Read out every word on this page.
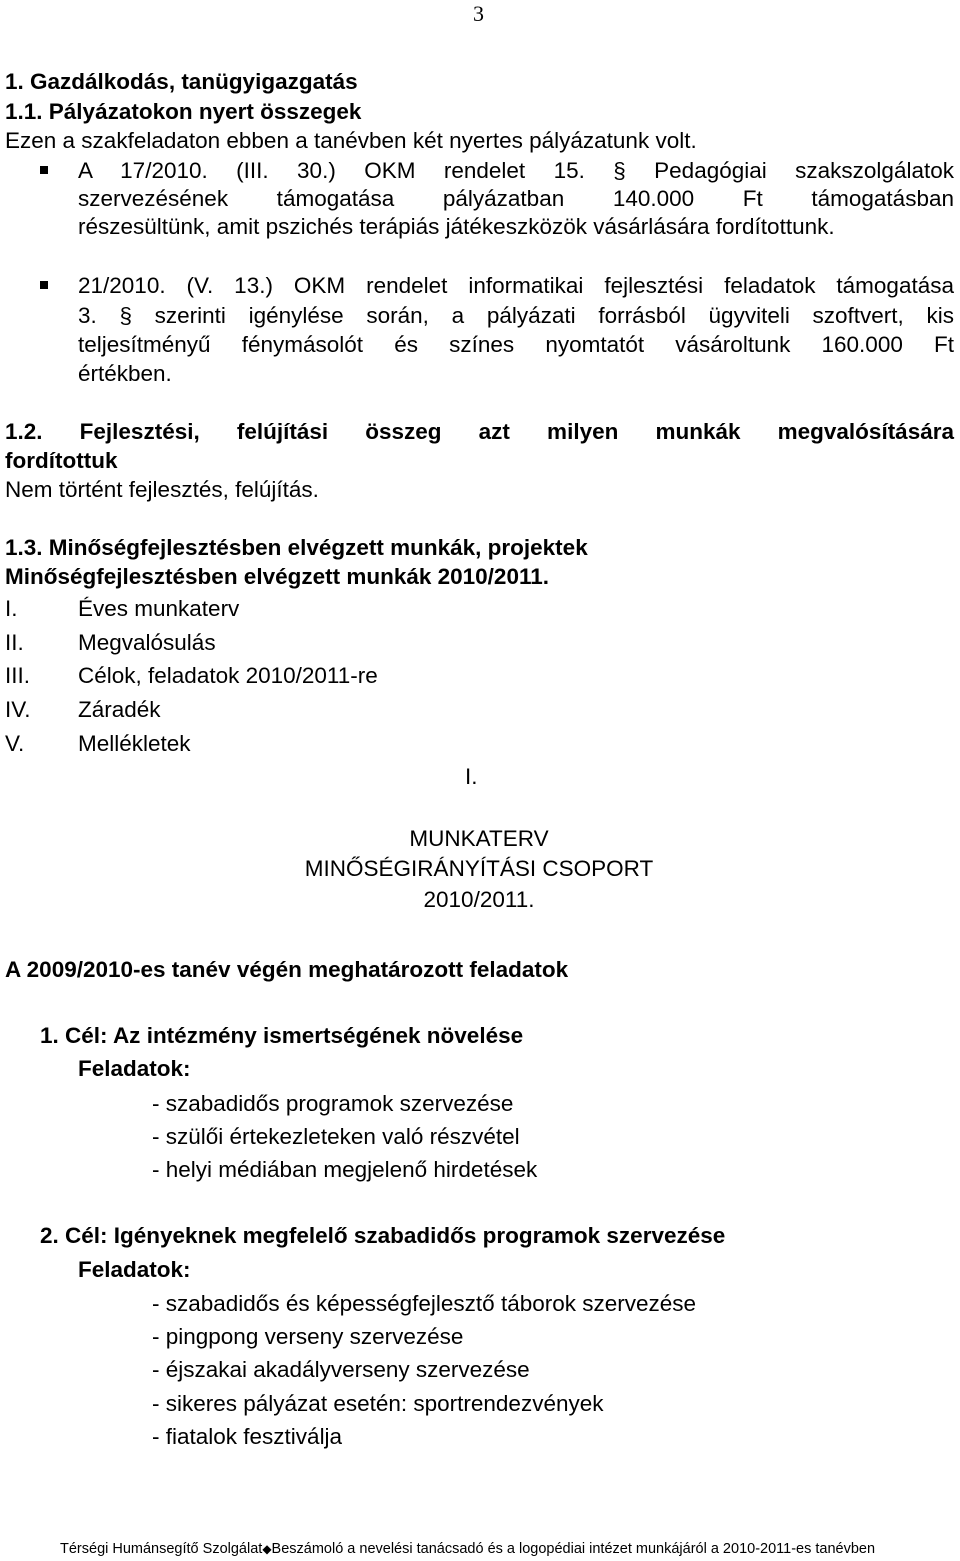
3
1. Gazdálkodás, tanügyigazgatás
1.1. Pályázatokon nyert összegek
Ezen a szakfeladaton ebben a tanévben két nyertes pályázatunk volt.
A 17/2010. (III. 30.) OKM rendelet 15. § Pedagógiai szakszolgálatok
szervezésének támogatása pályázatban 140.000 Ft támogatásban
részesültünk, amit pszichés terápiás játékeszközök vásárlására fordítottunk.
21/2010. (V. 13.) OKM rendelet informatikai fejlesztési feladatok támogatása
3. § szerinti igénylése során, a pályázati forrásból ügyviteli szoftvert, kis
teljesítményű fénymásolót és színes nyomtatót vásároltunk 160.000 Ft
értékben.
1.2. Fejlesztési, felújítási összeg azt milyen munkák megvalósítására
fordítottuk
Nem történt fejlesztés, felújítás.
1.3. Minőségfejlesztésben elvégzett munkák, projektek
Minőségfejlesztésben elvégzett munkák 2010/2011.
I.	Éves munkaterv
II. Megvalósulás
III. Célok, feladatok 2010/2011-re
IV. Záradék
V. Mellékletek
I.
MUNKATERV
MINŐSÉGIRÁNYÍTÁSI CSOPORT
2010/2011.
A 2009/2010-es tanév végén meghatározott feladatok
1. Cél: Az intézmény ismertségének növelése
Feladatok:
- szabadidős programok szervezése
- szülői értekezleteken való részvétel
- helyi médiában megjelenő hirdetések
2. Cél: Igényeknek megfelelő szabadidős programok szervezése
Feladatok:
- szabadidős és képességfejlesztő táborok szervezése
- pingpong verseny szervezése
- éjszakai akadályverseny szervezése
- sikeres pályázat esetén: sportrendezvények
- fiatalok fesztiválja
Térségi Humánsegítő Szolgálat◆Beszámoló a nevelési tanácsadó és a logopédiai intézet munkájáról a 2010-2011-es tanévben
